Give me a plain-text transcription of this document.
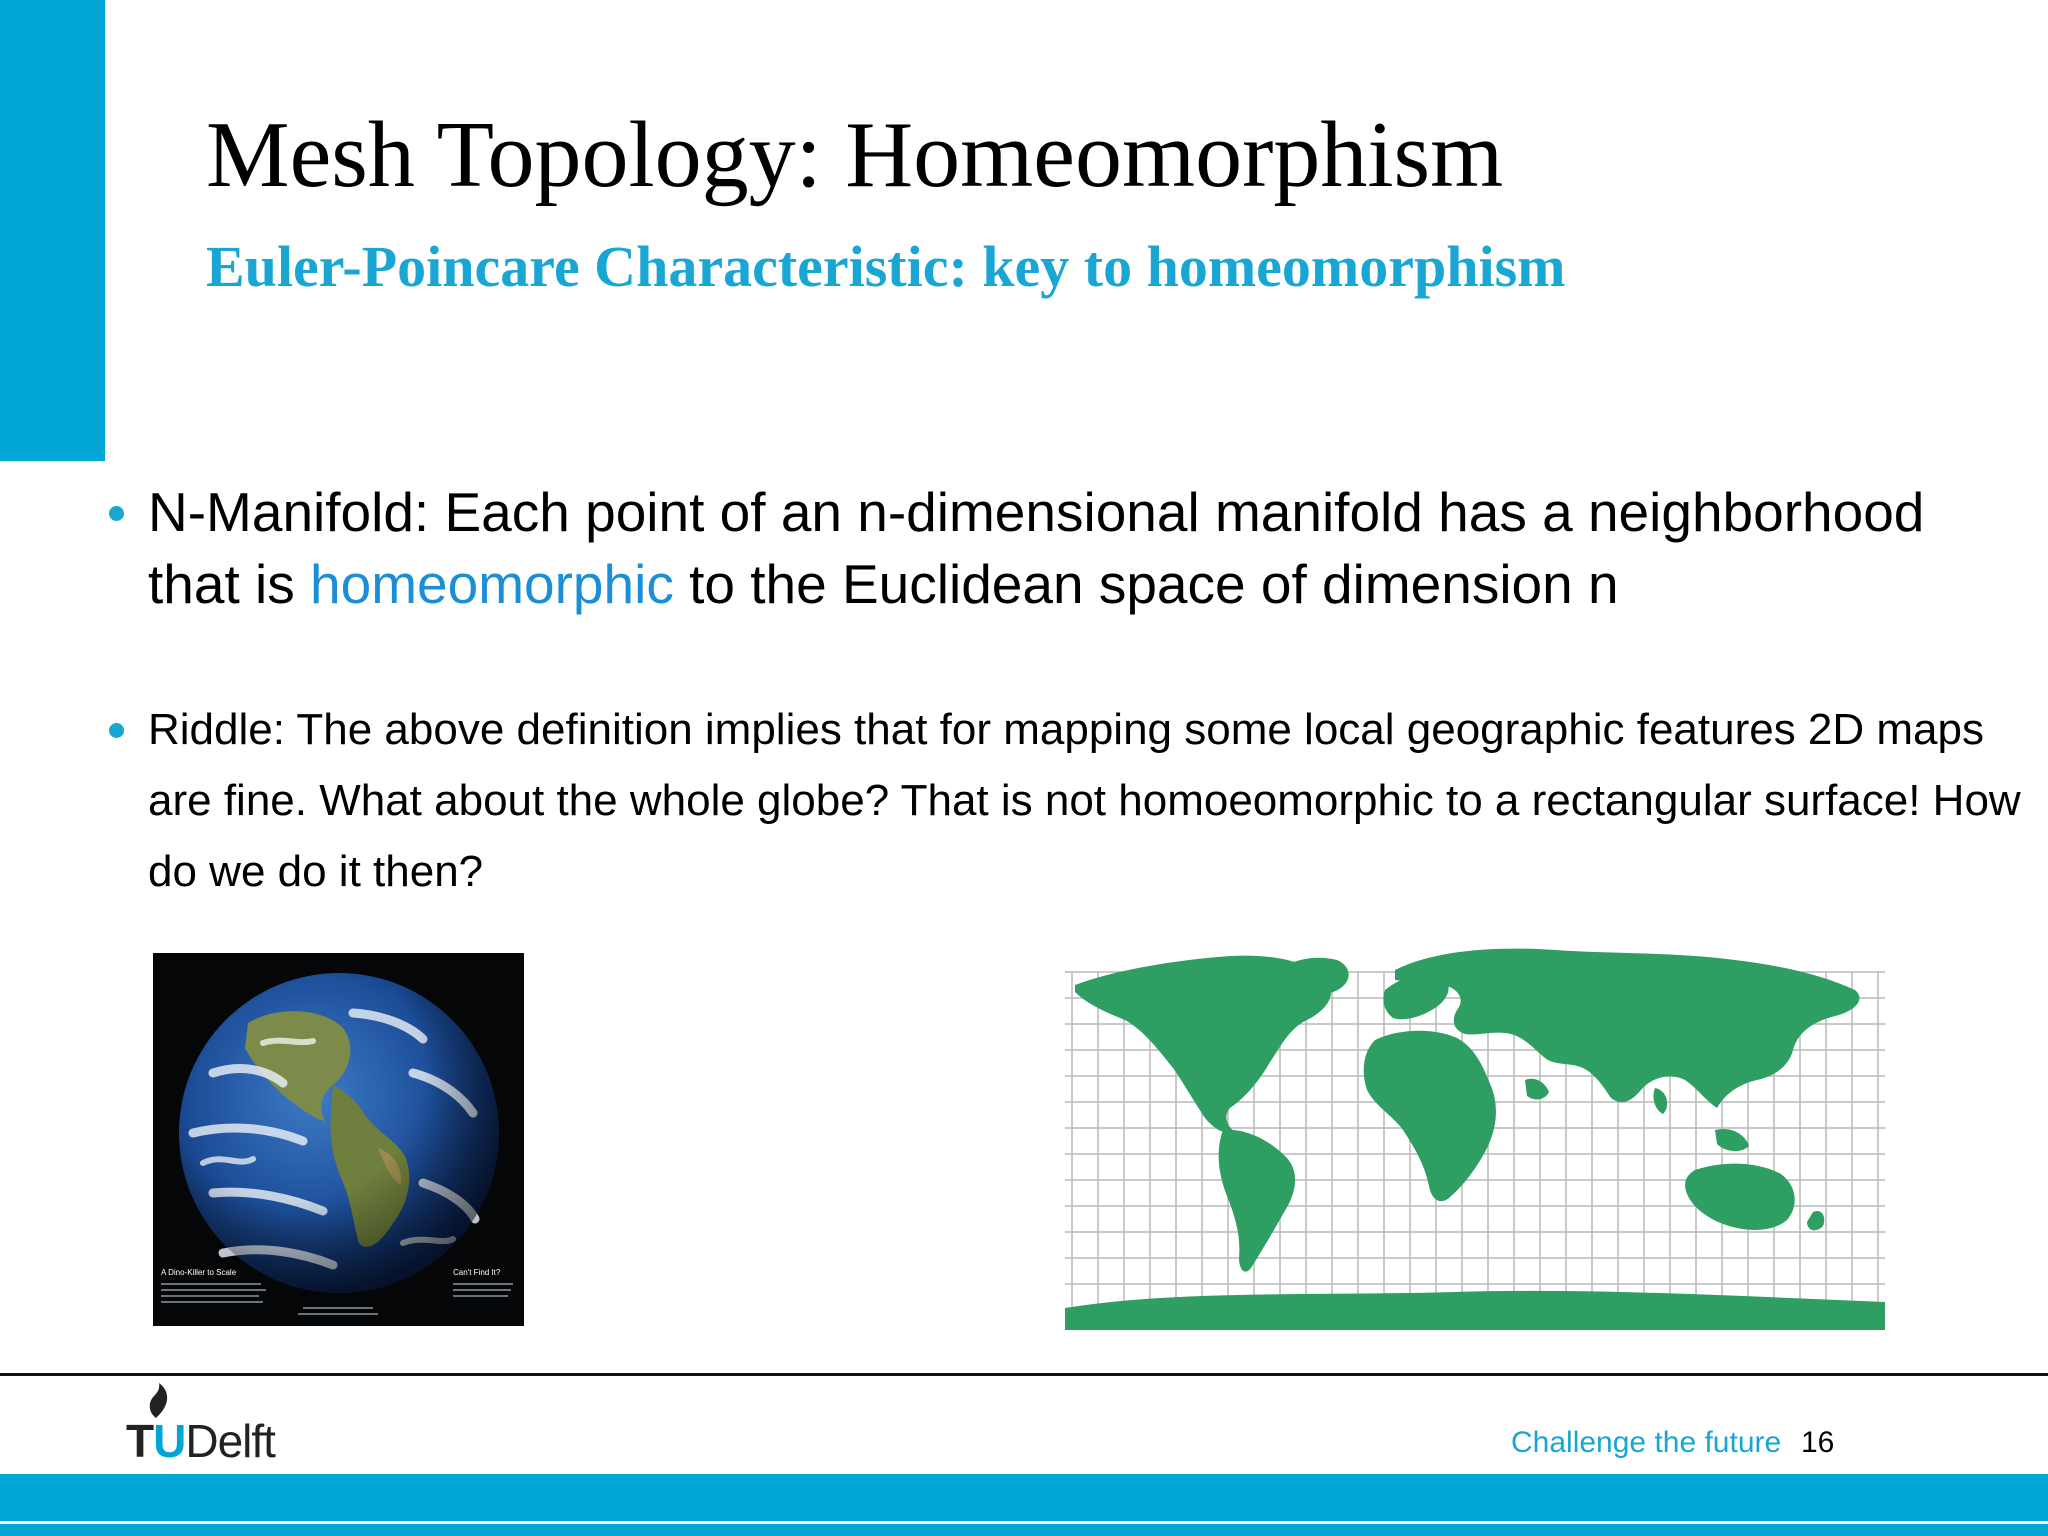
Mesh Topology: Homeomorphism
Euler-Poincare Characteristic: key to homeomorphism
N-Manifold: Each point of an n-dimensional manifold has a neighborhood that is homeomorphic to the Euclidean space of dimension n
Riddle: The above definition implies that for mapping some local geographic features 2D maps are fine. What about the whole globe? That is not homoeomorphic to a rectangular surface! How do we do it then?
A Dino-Killer to Scale	Can't Find It?
TUDelft	Challenge the future 16
